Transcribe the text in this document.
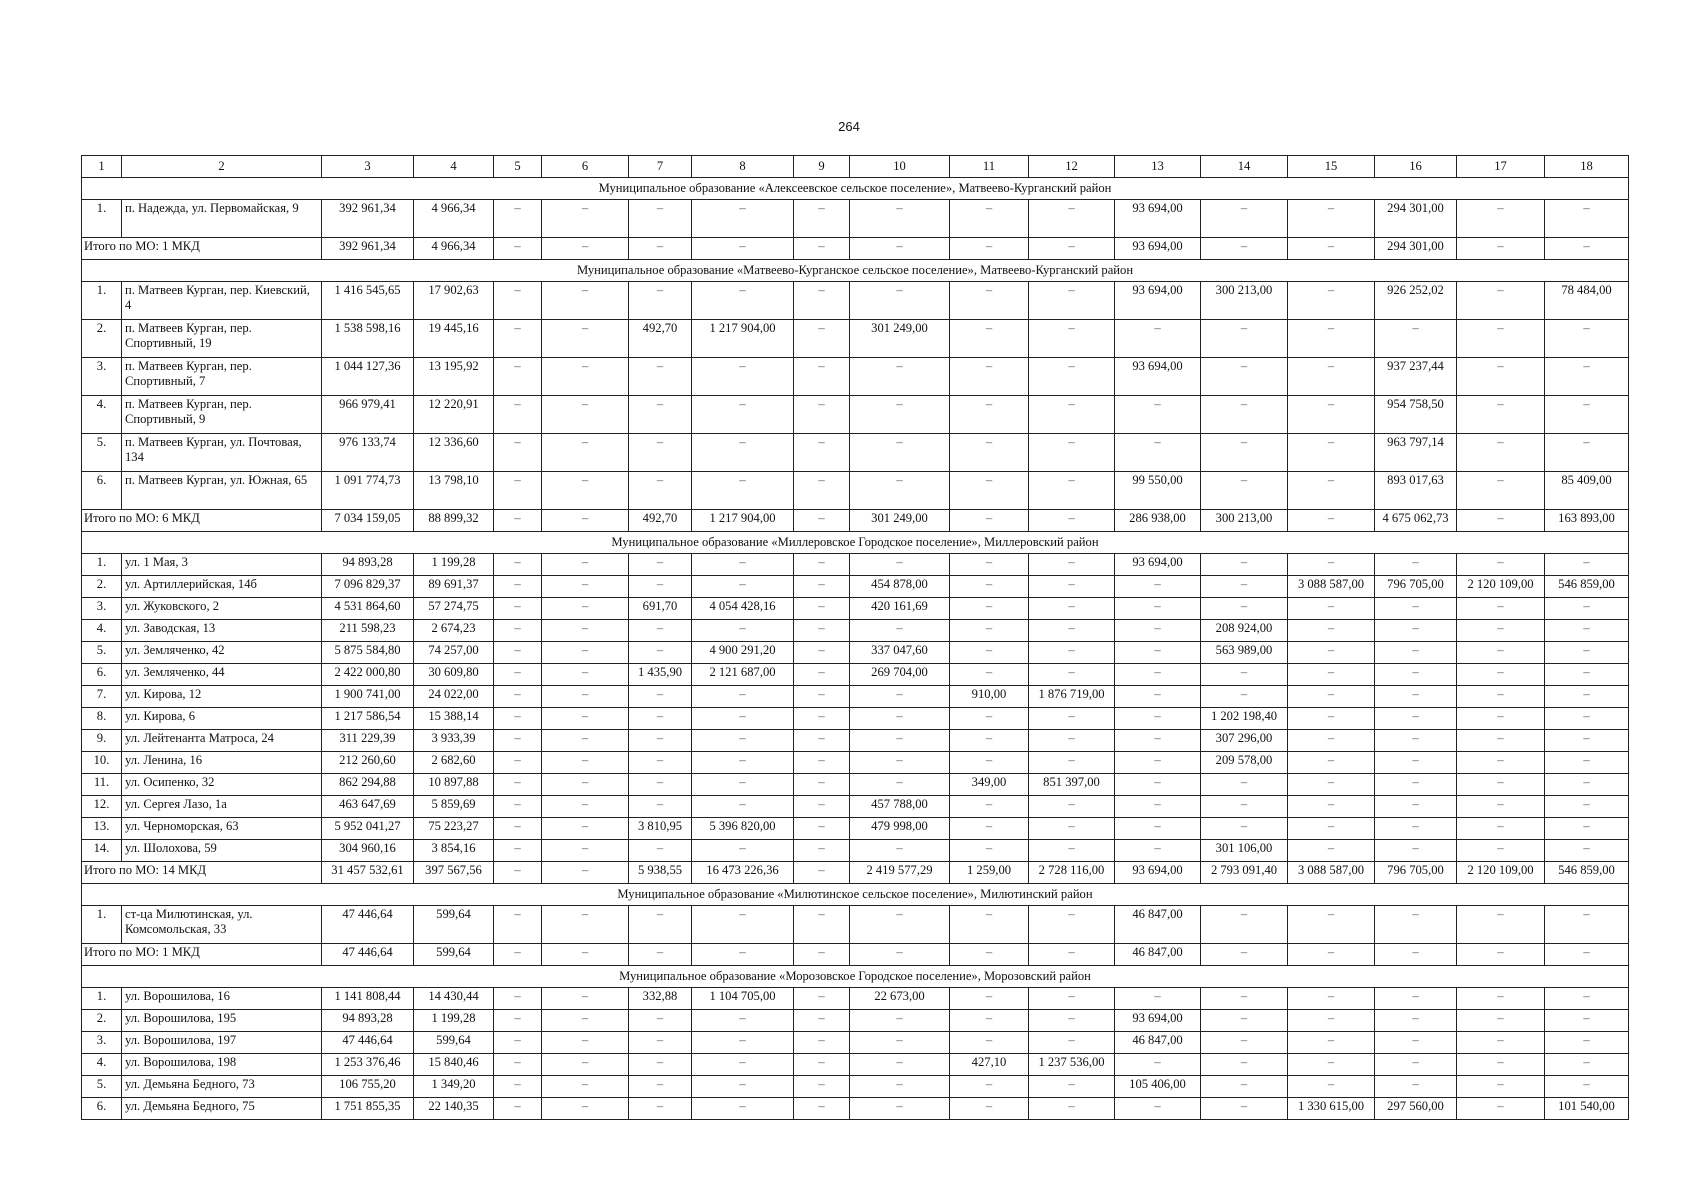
264
1	2	3	4	5	6	7	8	9	10	11	12	13	14	15	16	17	18
Муниципальное образование «Алексеевское сельское поселение», Матвеево-Курганский район																	
1.	п. Надежда, ул. Первомайская, 9	392 961,34	4 966,34	–	–	–	–	–	–	–	–	93 694,00	–	–	294 301,00	–	–
Итого по МО: 1 МКД		392 961,34	4 966,34	–	–	–	–	–	–	–	–	93 694,00	–	–	294 301,00	–	–
Муниципальное образование «Матвеево-Курганское сельское поселение», Матвеево-Курганский район																	
1.	п. Матвеев Курган, пер. Киевский, 4	1 416 545,65	17 902,63	–	–	–	–	–	–	–	–	93 694,00	300 213,00	–	926 252,02	–	78 484,00
2.	п. Матвеев Курган, пер. Спортивный, 19	1 538 598,16	19 445,16	–	–	492,70	1 217 904,00	–	301 249,00	–	–	–	–	–	–	–	–
3.	п. Матвеев Курган, пер. Спортивный, 7	1 044 127,36	13 195,92	–	–	–	–	–	–	–	–	93 694,00	–	–	937 237,44	–	–
4.	п. Матвеев Курган, пер. Спортивный, 9	966 979,41	12 220,91	–	–	–	–	–	–	–	–	–	–	–	954 758,50	–	–
5.	п. Матвеев Курган, ул. Почтовая, 134	976 133,74	12 336,60	–	–	–	–	–	–	–	–	–	–	–	963 797,14	–	–
6.	п. Матвеев Курган, ул. Южная, 65	1 091 774,73	13 798,10	–	–	–	–	–	–	–	–	99 550,00	–	–	893 017,63	–	85 409,00
Итого по МО: 6 МКД		7 034 159,05	88 899,32	–	–	492,70	1 217 904,00	–	301 249,00	–	–	286 938,00	300 213,00	–	4 675 062,73	–	163 893,00
Муниципальное образование «Миллеровское Городское поселение», Миллеровский район																	
1.	ул. 1 Мая, 3	94 893,28	1 199,28	–	–	–	–	–	–	–	–	93 694,00	–	–	–	–	–
2.	ул. Артиллерийская, 14б	7 096 829,37	89 691,37	–	–	–	–	–	454 878,00	–	–	–	–	3 088 587,00	796 705,00	2 120 109,00	546 859,00
3.	ул. Жуковского, 2	4 531 864,60	57 274,75	–	–	691,70	4 054 428,16	–	420 161,69	–	–	–	–	–	–	–	–
4.	ул. Заводская, 13	211 598,23	2 674,23	–	–	–	–	–	–	–	–	–	208 924,00	–	–	–	–
5.	ул. Земляченко, 42	5 875 584,80	74 257,00	–	–	–	4 900 291,20	–	337 047,60	–	–	–	563 989,00	–	–	–	–
6.	ул. Земляченко, 44	2 422 000,80	30 609,80	–	–	1 435,90	2 121 687,00	–	269 704,00	–	–	–	–	–	–	–	–
7.	ул. Кирова, 12	1 900 741,00	24 022,00	–	–	–	–	–	–	910,00	1 876 719,00	–	–	–	–	–	–
8.	ул. Кирова, 6	1 217 586,54	15 388,14	–	–	–	–	–	–	–	–	–	1 202 198,40	–	–	–	–
9.	ул. Лейтенанта Матроса, 24	311 229,39	3 933,39	–	–	–	–	–	–	–	–	–	307 296,00	–	–	–	–
10.	ул. Ленина, 16	212 260,60	2 682,60	–	–	–	–	–	–	–	–	–	209 578,00	–	–	–	–
11.	ул. Осипенко, 32	862 294,88	10 897,88	–	–	–	–	–	–	349,00	851 397,00	–	–	–	–	–	–
12.	ул. Сергея Лазо, 1а	463 647,69	5 859,69	–	–	–	–	–	457 788,00	–	–	–	–	–	–	–	–
13.	ул. Черноморская, 63	5 952 041,27	75 223,27	–	–	3 810,95	5 396 820,00	–	479 998,00	–	–	–	–	–	–	–	–
14.	ул. Шолохова, 59	304 960,16	3 854,16	–	–	–	–	–	–	–	–	–	301 106,00	–	–	–	–
Итого по МО: 14 МКД		31 457 532,61	397 567,56	–	–	5 938,55	16 473 226,36	–	2 419 577,29	1 259,00	2 728 116,00	93 694,00	2 793 091,40	3 088 587,00	796 705,00	2 120 109,00	546 859,00
Муниципальное образование «Милютинское сельское поселение», Милютинский район																	
1.	ст-ца Милютинская, ул. Комсомольская, 33	47 446,64	599,64	–	–	–	–	–	–	–	–	46 847,00	–	–	–	–	–
Итого по МО: 1 МКД		47 446,64	599,64	–	–	–	–	–	–	–	–	46 847,00	–	–	–	–	–
Муниципальное образование «Морозовское Городское поселение», Морозовский район																	
1.	ул. Ворошилова, 16	1 141 808,44	14 430,44	–	–	332,88	1 104 705,00	–	22 673,00	–	–	–	–	–	–	–	–
2.	ул. Ворошилова, 195	94 893,28	1 199,28	–	–	–	–	–	–	–	–	93 694,00	–	–	–	–	–
3.	ул. Ворошилова, 197	47 446,64	599,64	–	–	–	–	–	–	–	–	46 847,00	–	–	–	–	–
4.	ул. Ворошилова, 198	1 253 376,46	15 840,46	–	–	–	–	–	–	427,10	1 237 536,00	–	–	–	–	–	–
5.	ул. Демьяна Бедного, 73	106 755,20	1 349,20	–	–	–	–	–	–	–	–	105 406,00	–	–	–	–	–
6.	ул. Демьяна Бедного, 75	1 751 855,35	22 140,35	–	–	–	–	–	–	–	–	–	–	1 330 615,00	297 560,00	–	101 540,00
